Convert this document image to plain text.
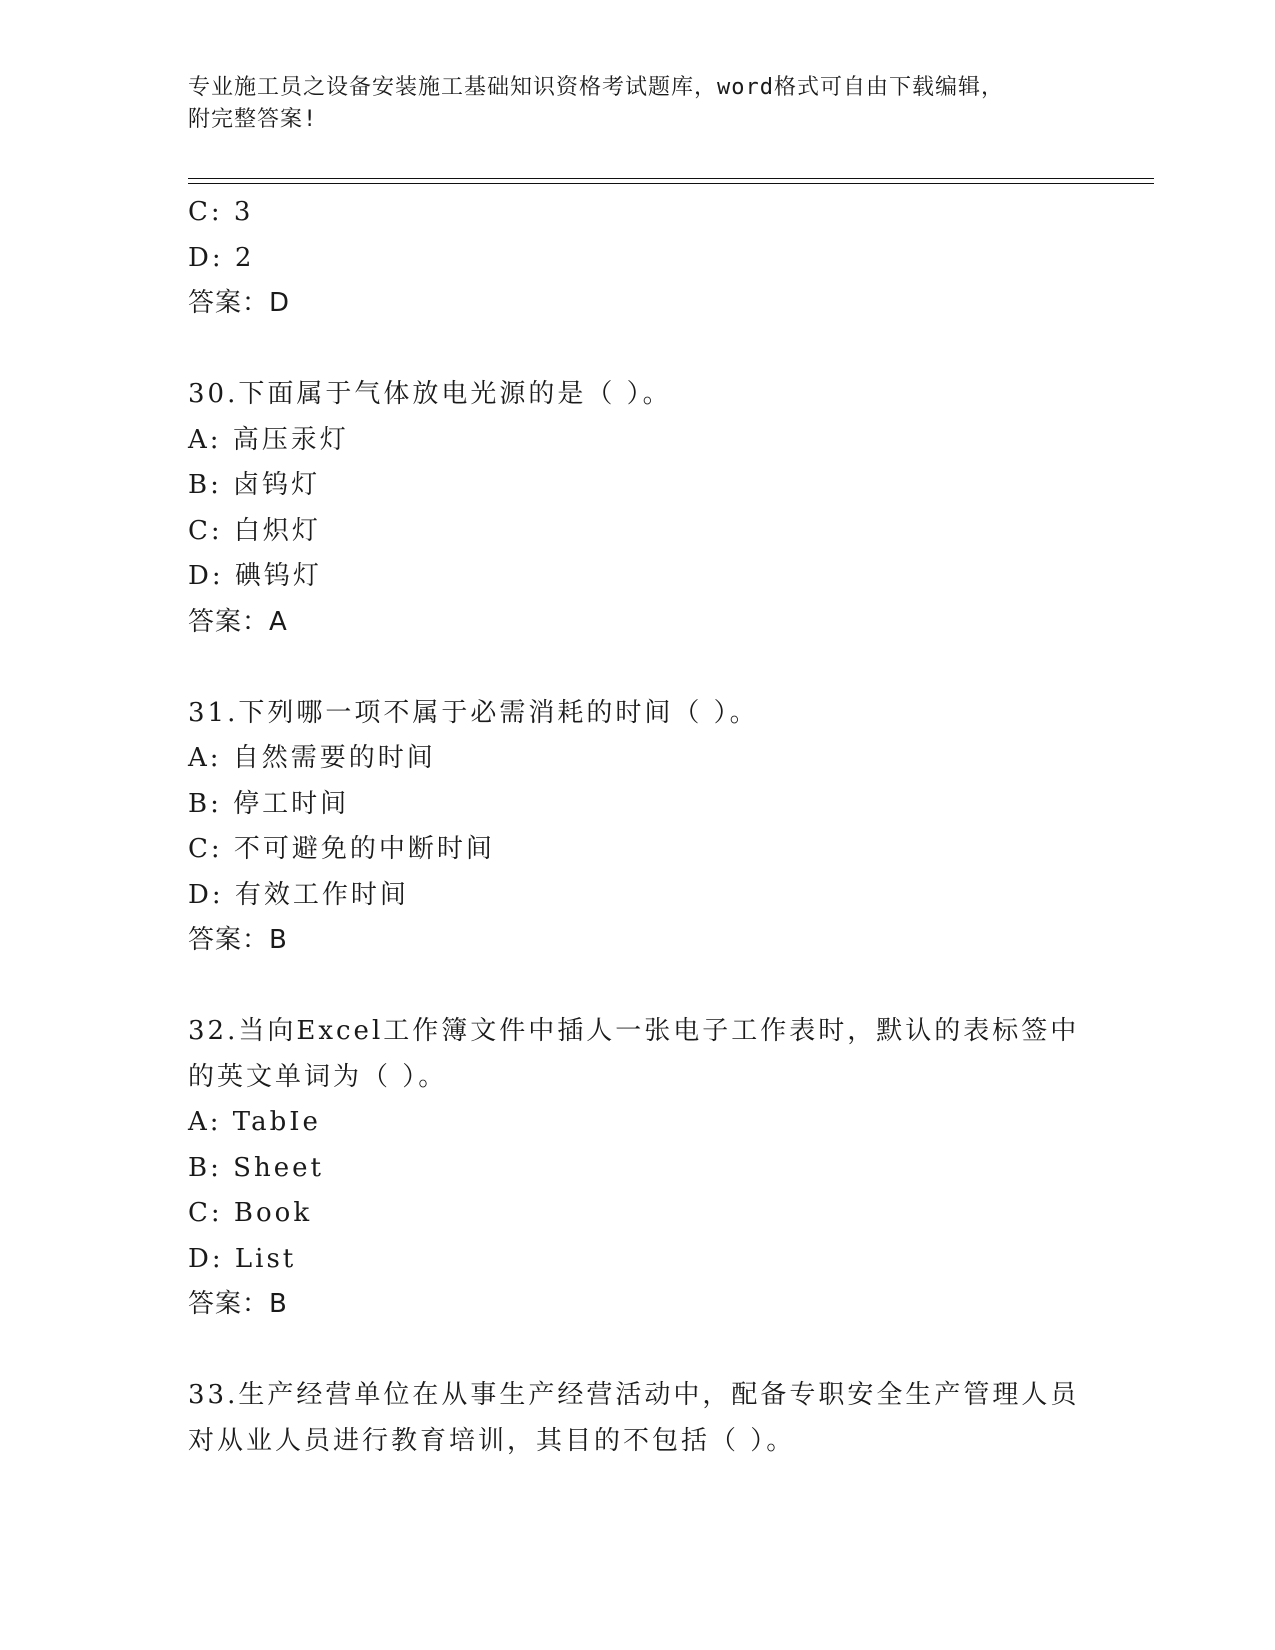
专业施工员之设备安装施工基础知识资格考试题库，word格式可自由下载编辑，
附完整答案!
C: 3
D: 2
答案：D
30.下面属于气体放电光源的是（ ）。
A: 高压汞灯
B: 卤钨灯
C: 白炽灯
D: 碘钨灯
答案：A
31.下列哪一项不属于必需消耗的时间（ ）。
A: 自然需要的时间
B: 停工时间
C: 不可避免的中断时间
D: 有效工作时间
答案：B
32.当向Excel工作簿文件中插人一张电子工作表时，默认的表标签中
的英文单词为（ ）。
A: TabIe
B: Sheet
C: Book
D: List
答案：B
33.生产经营单位在从事生产经营活动中，配备专职安全生产管理人员
对从业人员进行教育培训，其目的不包括（ ）。
